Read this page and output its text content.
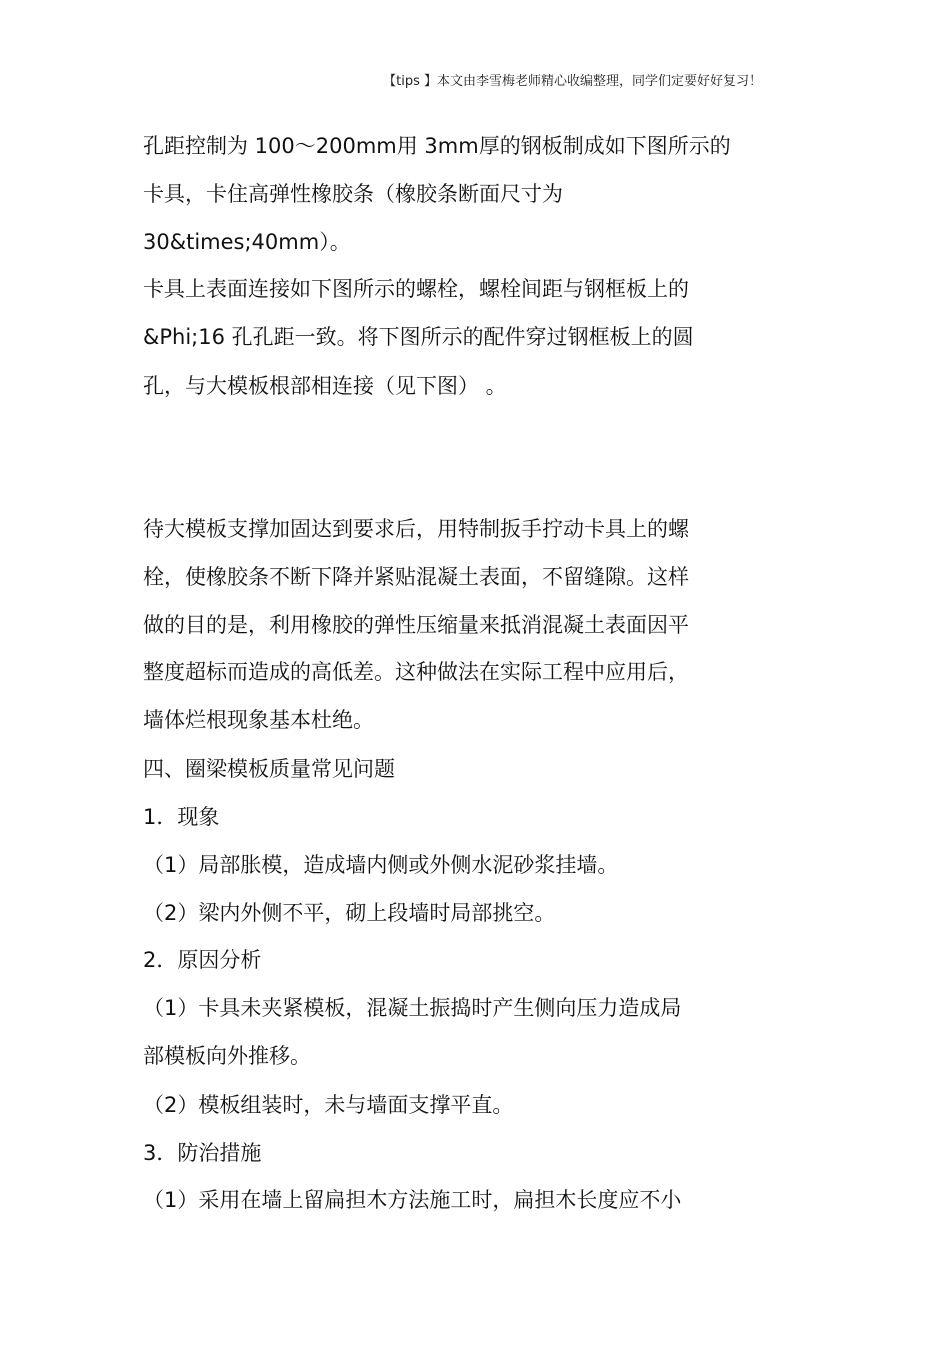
【tips 】本文由李雪梅老师精心收编整理，同学们定要好好复习！
孔距控制为 100～200mm用 3mm厚的钢板制成如下图所示的
卡具，卡住高弹性橡胶条（橡胶条断面尺寸为
30&times;40mm）。
卡具上表面连接如下图所示的螺栓，螺栓间距与钢框板上的
&Phi;16 孔孔距一致。将下图所示的配件穿过钢框板上的圆
孔，与大模板根部相连接（见下图） 。
待大模板支撑加固达到要求后，用特制扳手拧动卡具上的螺
栓，使橡胶条不断下降并紧贴混凝土表面，不留缝隙。这样
做的目的是，利用橡胶的弹性压缩量来抵消混凝土表面因平
整度超标而造成的高低差。这种做法在实际工程中应用后，
墙体烂根现象基本杜绝。
四、圈梁模板质量常见问题
1．现象
（1）局部胀模，造成墙内侧或外侧水泥砂浆挂墙。
（2）梁内外侧不平，砌上段墙时局部挑空。
2．原因分析
（1）卡具未夹紧模板，混凝土振捣时产生侧向压力造成局
部模板向外推移。
（2）模板组装时，未与墙面支撑平直。
3．防治措施
（1）采用在墙上留扁担木方法施工时，扁担木长度应不小
